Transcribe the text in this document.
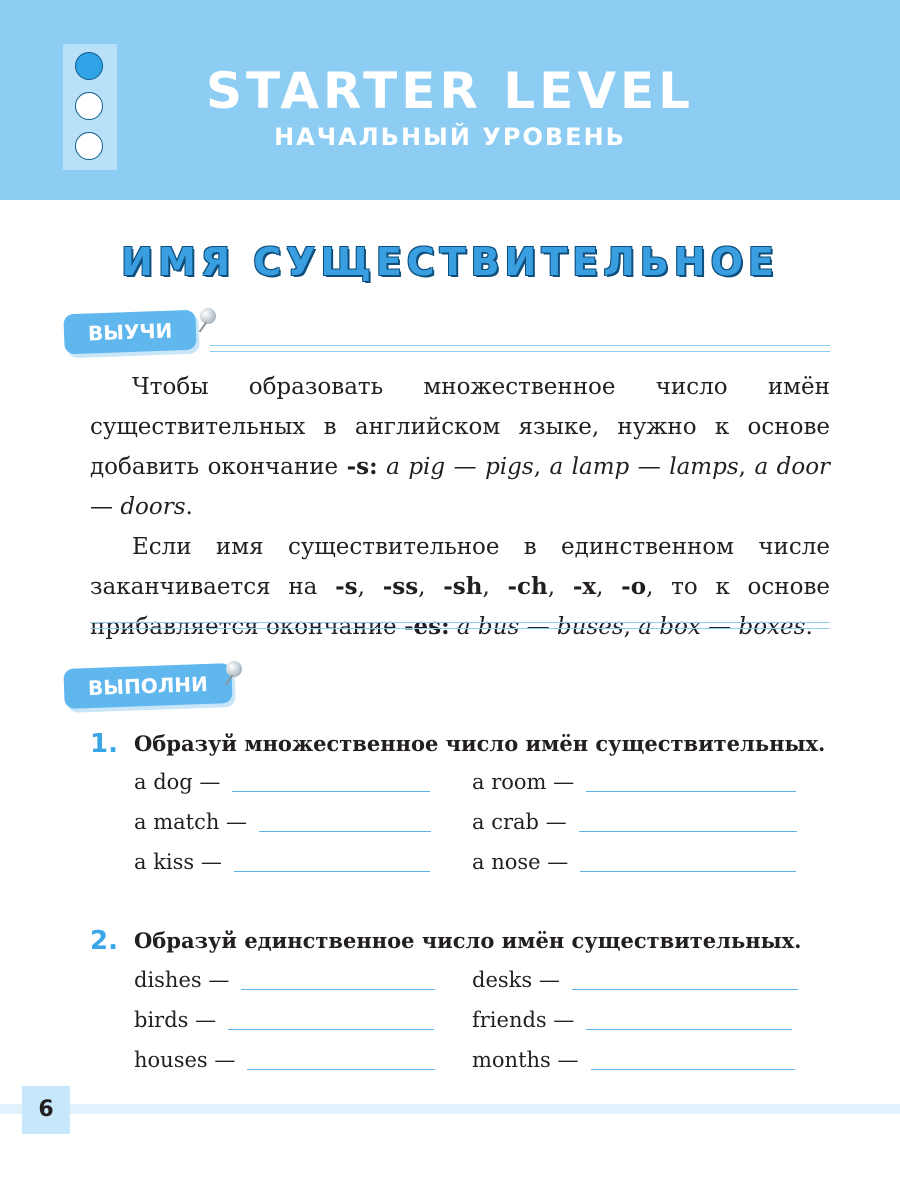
STARTER LEVEL
НАЧАЛЬНЫЙ УРОВЕНЬ
ИМЯ СУЩЕСТВИТЕЛЬНОЕ
ВЫУЧИ

Чтобы образовать множественное число имён существительных в английском языке, нужно к основе добавить окончание -s: a pig — pigs, a lamp — lamps, a door — doors.

Если имя существительное в единственном числе заканчивается на -s, -ss, -sh, -ch, -x, -o, то к основе прибавляется окончание -es: a bus — buses, a box — boxes.

ВЫПОЛНИ
1. Образуй множественное число имён существительных.
a dog —
a match —
a kiss —
a room —
a crab —
a nose —
2. Образуй единственное число имён существительных.
dishes —
birds —
houses —
desks —
friends —
months —
6
